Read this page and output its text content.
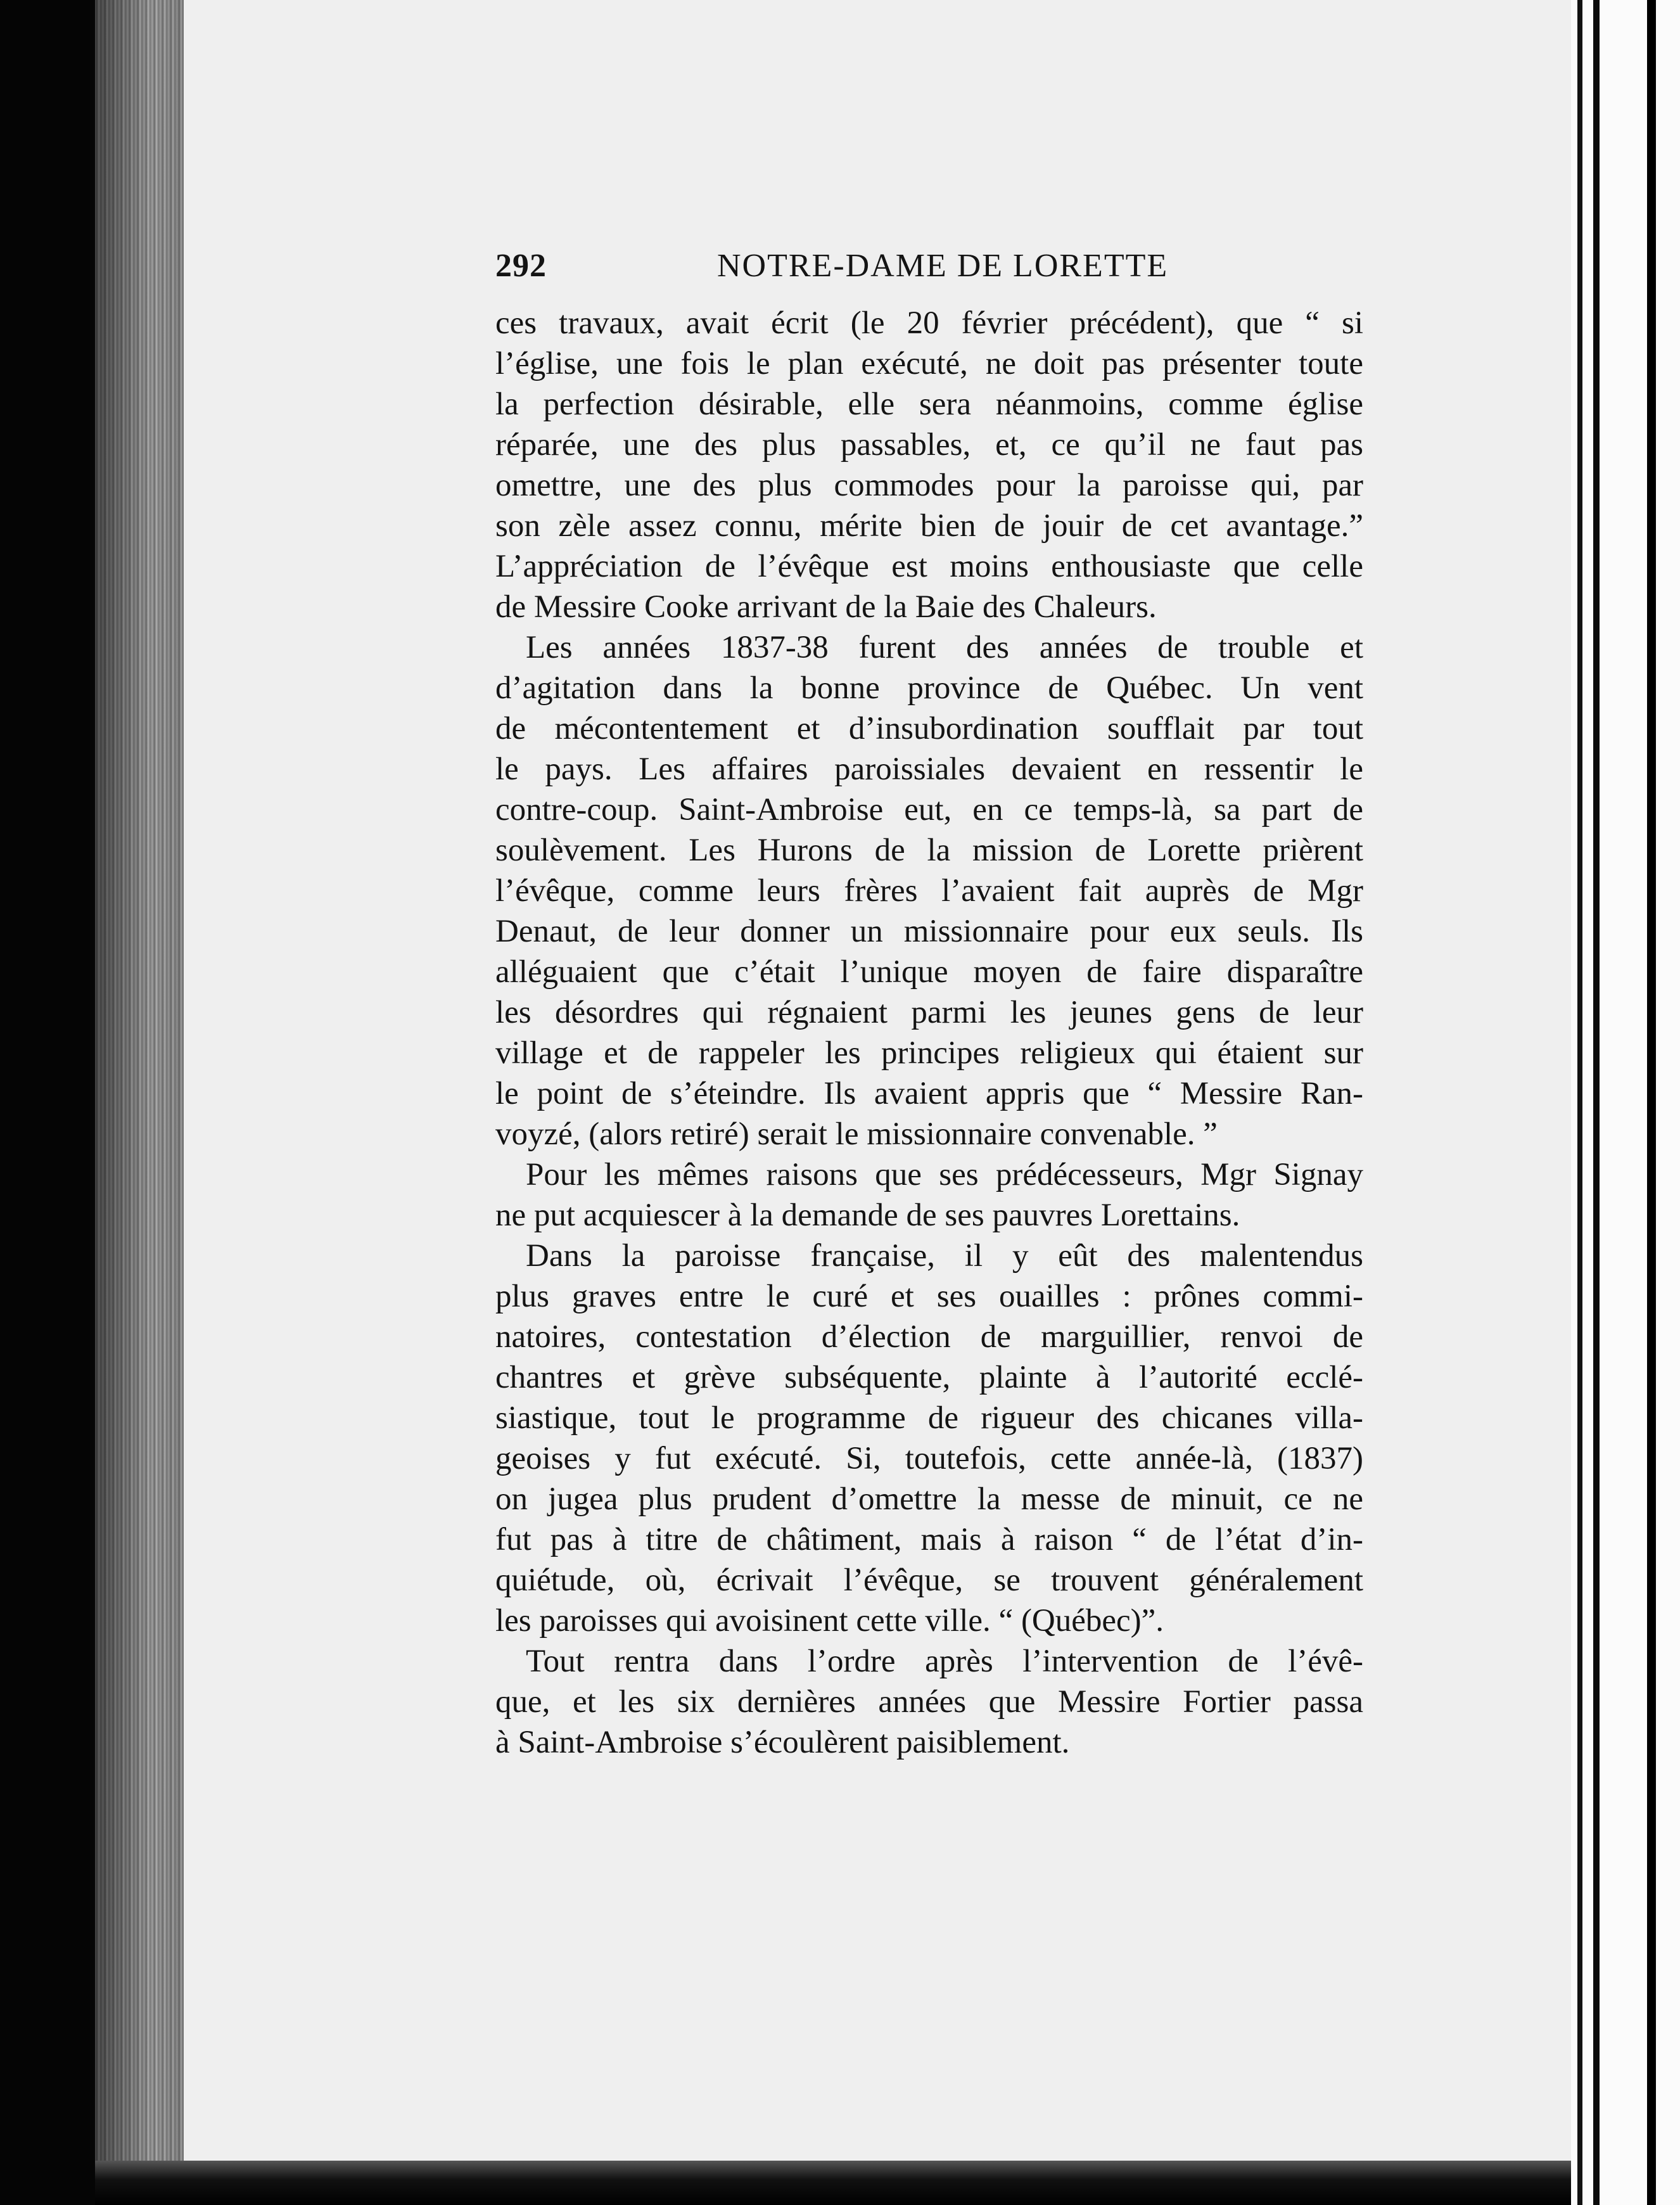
292	NOTRE-DAME DE LORETTE
ces travaux, avait écrit (le 20 février précédent), que “ si
l’église, une fois le plan exécuté, ne doit pas présenter toute
la perfection désirable, elle sera néanmoins, comme église
réparée, une des plus passables, et, ce qu’il ne faut pas
omettre, une des plus commodes pour la paroisse qui, par
son zèle assez connu, mérite bien de jouir de cet avantage.”
L’appréciation de l’évêque est moins enthousiaste que celle
de Messire Cooke arrivant de la Baie des Chaleurs.
Les années 1837-38 furent des années de trouble et
d’agitation dans la bonne province de Québec. Un vent
de mécontentement et d’insubordination soufflait par tout
le pays. Les affaires paroissiales devaient en ressentir le
contre-coup. Saint-Ambroise eut, en ce temps-là, sa part de
soulèvement. Les Hurons de la mission de Lorette prièrent
l’évêque, comme leurs frères l’avaient fait auprès de Mgr
Denaut, de leur donner un missionnaire pour eux seuls. Ils
alléguaient que c’était l’unique moyen de faire disparaître
les désordres qui régnaient parmi les jeunes gens de leur
village et de rappeler les principes religieux qui étaient sur
le point de s’éteindre. Ils avaient appris que “ Messire Ran-
voyzé, (alors retiré) serait le missionnaire convenable. ”
Pour les mêmes raisons que ses prédécesseurs, Mgr Signay
ne put acquiescer à la demande de ses pauvres Lorettains.
Dans la paroisse française, il y eût des malentendus
plus graves entre le curé et ses ouailles : prônes commi-
natoires, contestation d’élection de marguillier, renvoi de
chantres et grève subséquente, plainte à l’autorité ecclé-
siastique, tout le programme de rigueur des chicanes villa-
geoises y fut exécuté. Si, toutefois, cette année-là, (1837)
on jugea plus prudent d’omettre la messe de minuit, ce ne
fut pas à titre de châtiment, mais à raison “ de l’état d’in-
quiétude, où, écrivait l’évêque, se trouvent généralement
les paroisses qui avoisinent cette ville. “ (Québec)”.
Tout rentra dans l’ordre après l’intervention de l’évê-
que, et les six dernières années que Messire Fortier passa
à Saint-Ambroise s’écoulèrent paisiblement.
